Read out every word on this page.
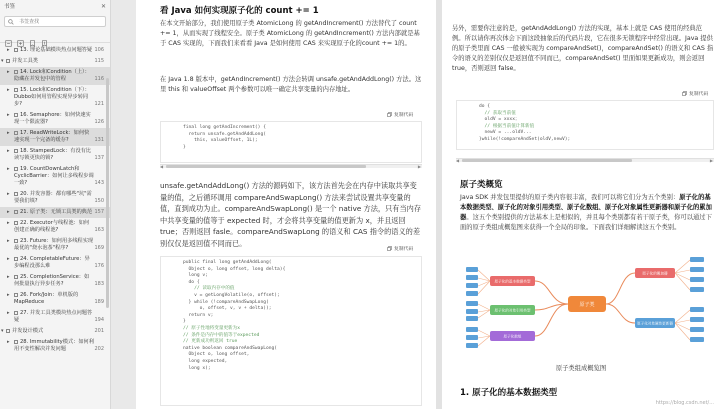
书签	✕
书签查找
▸ 13. 理论基础模块热点问题答疑 106
▾ 并发工具类	115
▸ 14. Lock和Condition（上）：隐藏在并发包中的管程	116
▸ 15. Lock和Condition（下）：Dubbo如何用管程实现异步转同步?	121
▸ 16. Semaphore：如何快速实现一个限流器?	126
▸ 17. ReadWriteLock：如何快速实现一个完备的缓存?	131
▸ 18. StampedLock：有没有比读写锁更快的锁?	137
▸ 19. CountDownLatch和CyclicBarrier：如何让多线程步调一致?	143
▸ 20. 并发容器：都有哪些"坑"需要我们填?	150
▸ 21. 原子类：无锁工具类的典范 157
▸ 22. Executor与线程池：如何创建正确的线程池?	163
▸ 23. Future：如何用多线程实现最优的"烧水泡茶"程序?	169
▸ 24. CompletableFuture：异步编程没那么难	176
▸ 25. CompletionService：如何批量执行异步任务?	183
▸ 26. Fork/Join：单机版的MapReduce	189
▸ 27. 并发工具类模块热点问题答疑	194
▾ 并发设计模式	201
▸ 28. Immutability模式：如何利用不变性解决并发问题	202
看 Java 如何实现原子化的 count += 1

在本文开始部分，我们使用原子类 AtomicLong 的 getAndIncrement() 方法替代了 count += 1，从而实现了线程安全。原子类 AtomicLong 的 getAndIncrement() 方法内部就是基于 CAS 实现的，下面我们来看看 Java 是如何使用 CAS 来实现原子化的count += 1的。

在 Java 1.8 版本中，getAndIncrement() 方法会转调 unsafe.getAndAddLong() 方法。这里 this 和 valueOffset 两个参数可以唯一确定共享变量的内存地址。

复制代码
final long getAndIncrement() {
return unsafe.getAndAddLong(
this, valueOffset, 1L);
}
◀	▶

unsafe.getAndAddLong() 方法的源码如下，该方法首先会在内存中读取共享变量的值，之后循环调用 compareAndSwapLong() 方法来尝试设置共享变量的值，直到成功为止。compareAndSwapLong() 是一个 native 方法，只有当内存中共享变量的值等于 expected 时，才会将共享变量的值更新为 x，并且返回 true；否则返回 fasle。compareAndSwapLong 的语义和 CAS 指令的语义的差别仅仅是返回值不同而已。

复制代码
public final long getAndAddLong(
Object o, long offset, long delta){
long v;
do {
// 读取内存中的值
v = getLongVolatile(o, offset);
} while (!compareAndSwapLong(
o, offset, v, v + delta));
return v;
}
// 原子性地将变量更新为x
// 条件是内存中的值等于expected
// 更新成功则返回 true
native boolean compareAndSwapLong(
Object o, long offset,
long expected,
long x);

另外，需要你注意的是，getAndAddLong() 方法的实现，基本上就是 CAS 使用的经典范例。所以请你再次体会下面这段抽象后的代码片段，它在很多无锁程序中经常出现。Java 提供的原子类里面 CAS 一般被实现为 compareAndSet()，compareAndSet() 的语义和 CAS 指令的语义的差别仅仅是返回值不同而已，compareAndSet() 里面如果更新成功，则会返回 true，否则返回 false。

复制代码
do {
// 获取当前值
oldV = xxxx；
// 根据当前值计算新值
newV = ...oldV...
}while(!compareAndSet(oldV,newV);
◀	▶
原子类概览

Java SDK 并发包里提供的原子类内容很丰富，我们可以将它们分为五个类别：原子化的基本数据类型、原子化的对象引用类型、原子化数组、原子化对象属性更新器和原子化的累加器。这五个类别提供的方法基本上是相似的，并且每个类别都有若干原子类，你可以通过下面的原子类组成概览图来获得一个全局的印象。下面我们详细解读这五个类别。

原子化的基本数据类型
原子化的对象引用类型
原子化数组
原子类
原子化的累加器
原子化对象属性更新器

原子类组成概览图

1. 原子化的基本数据类型
https://blog.csdn.net/...
